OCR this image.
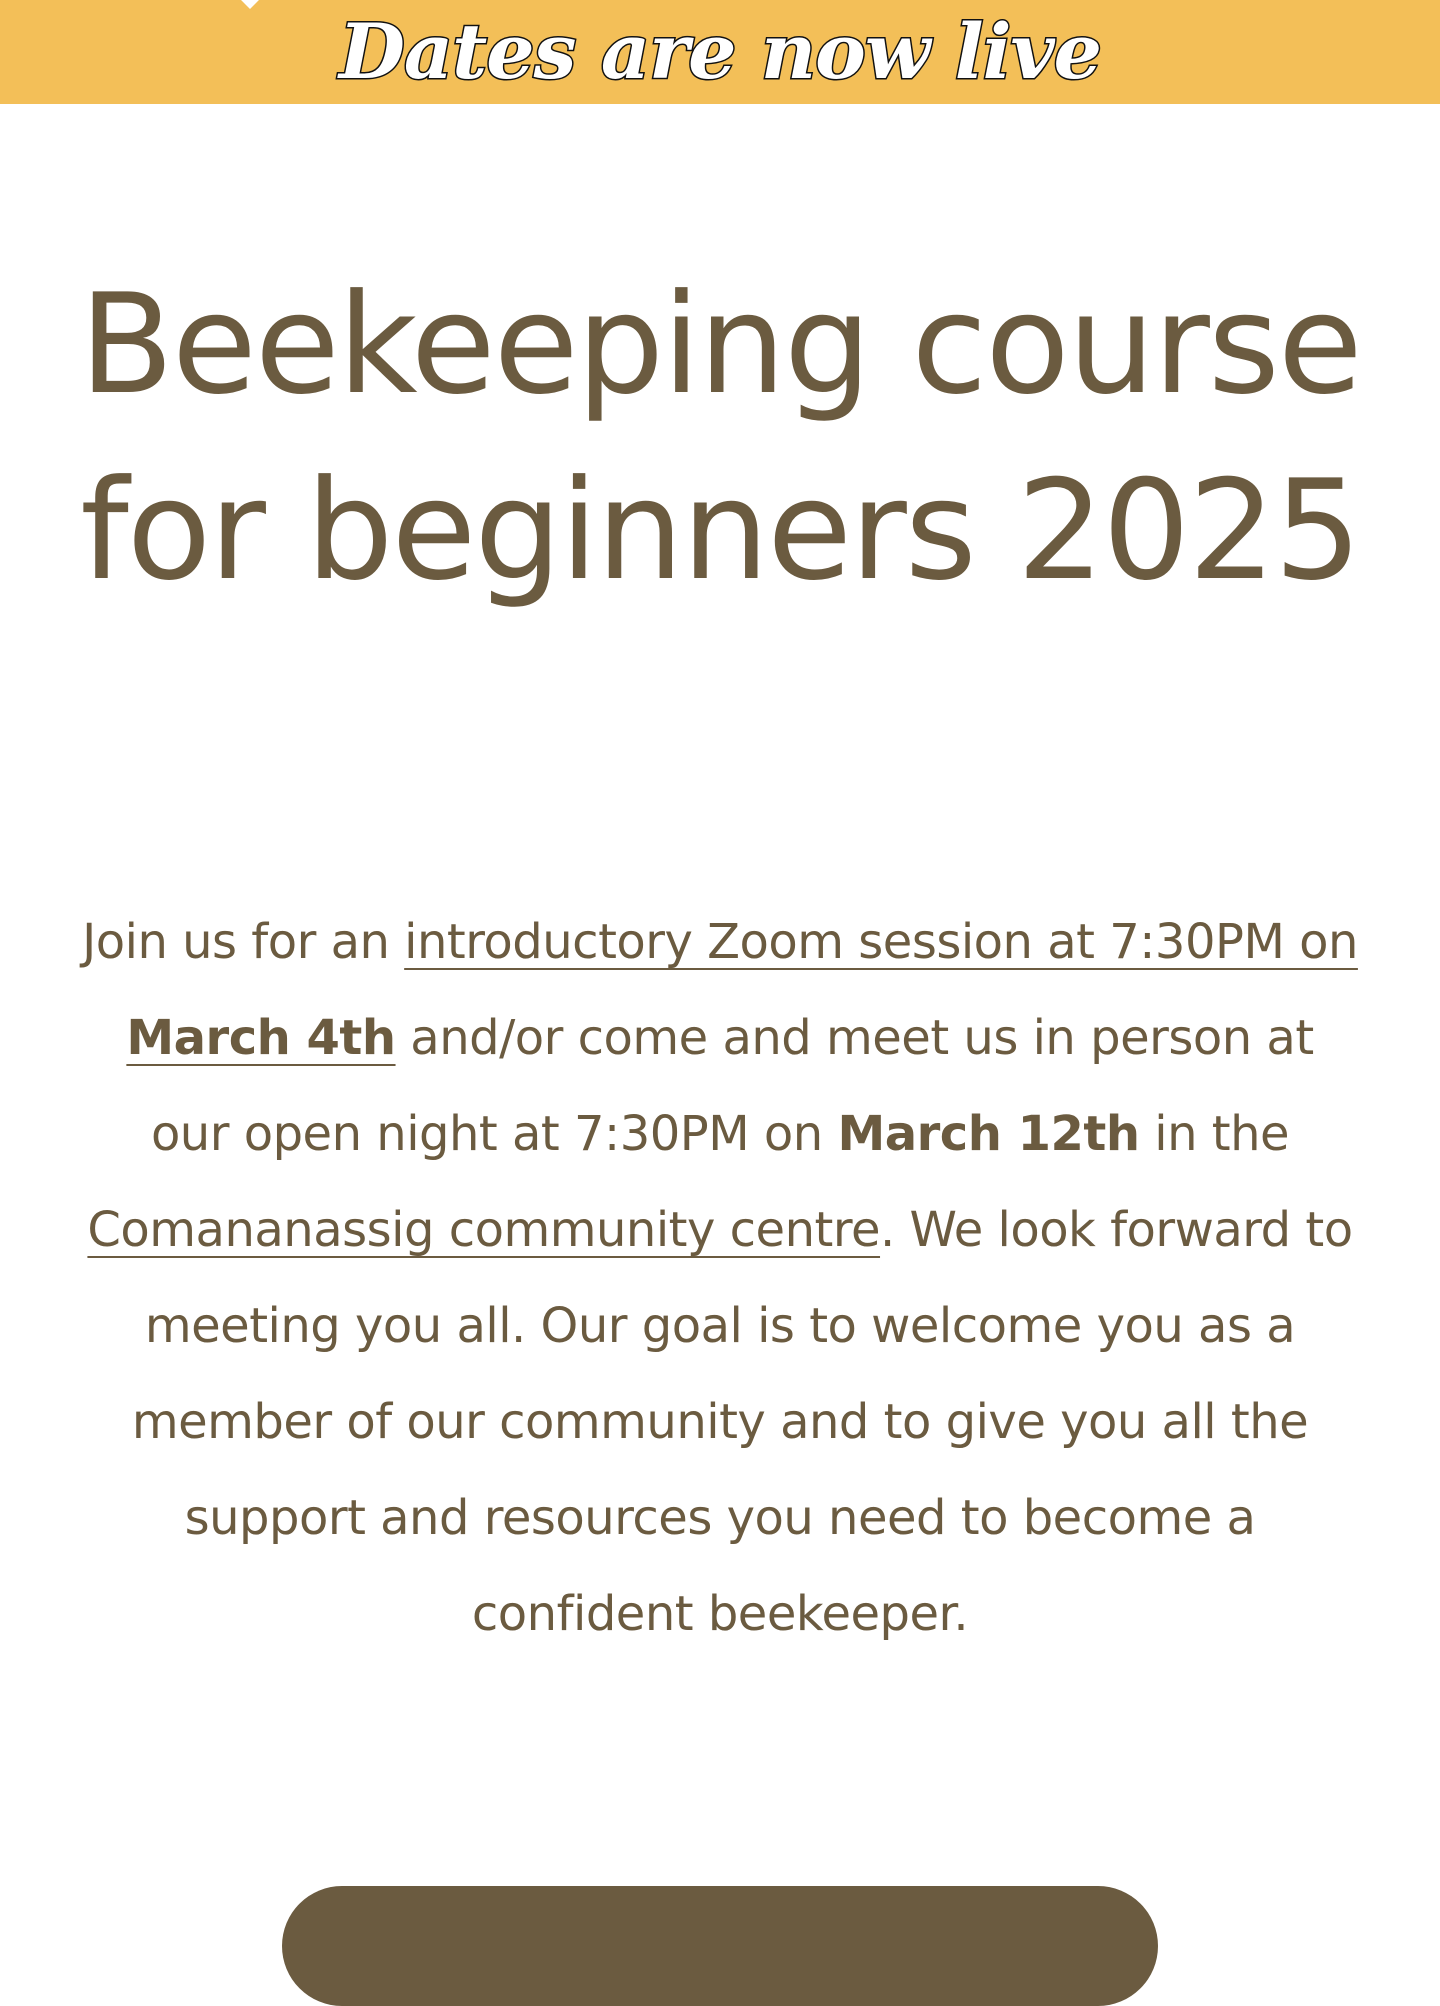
Dates are now live
Beekeeping course for beginners 2025

Join us for an introductory Zoom session at 7:30PM on March 4th and/or come and meet us in person at our open night at 7:30PM on March 12th in the Comananassig community centre. We look forward to meeting you all. Our goal is to welcome you as a member of our community and to give you all the support and resources you need to become a confident beekeeper.
